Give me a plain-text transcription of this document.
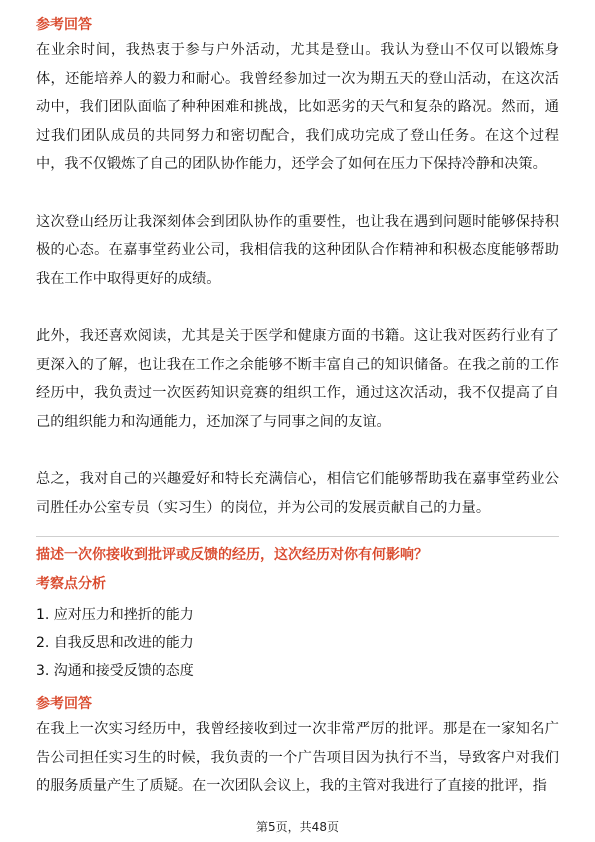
参考回答

在业余时间，我热衷于参与户外活动，尤其是登山。我认为登山不仅可以锻炼身体，还能培养人的毅力和耐心。我曾经参加过一次为期五天的登山活动，在这次活动中，我们团队面临了种种困难和挑战，比如恶劣的天气和复杂的路况。然而，通过我们团队成员的共同努力和密切配合，我们成功完成了登山任务。在这个过程中，我不仅锻炼了自己的团队协作能力，还学会了如何在压力下保持冷静和决策。

这次登山经历让我深刻体会到团队协作的重要性，也让我在遇到问题时能够保持积极的心态。在嘉事堂药业公司，我相信我的这种团队合作精神和积极态度能够帮助我在工作中取得更好的成绩。

此外，我还喜欢阅读，尤其是关于医学和健康方面的书籍。这让我对医药行业有了更深入的了解，也让我在工作之余能够不断丰富自己的知识储备。在我之前的工作经历中，我负责过一次医药知识竞赛的组织工作，通过这次活动，我不仅提高了自己的组织能力和沟通能力，还加深了与同事之间的友谊。

总之，我对自己的兴趣爱好和特长充满信心，相信它们能够帮助我在嘉事堂药业公司胜任办公室专员（实习生）的岗位，并为公司的发展贡献自己的力量。

描述一次你接收到批评或反馈的经历，这次经历对你有何影响？

考察点分析

1. 应对压力和挫折的能力
2. 自我反思和改进的能力
3. 沟通和接受反馈的态度

参考回答

在我上一次实习经历中，我曾经接收到过一次非常严厉的批评。那是在一家知名广告公司担任实习生的时候，我负责的一个广告项目因为执行不当，导致客户对我们的服务质量产生了质疑。在一次团队会议上，我的主管对我进行了直接的批评，指

第5页，共48页
